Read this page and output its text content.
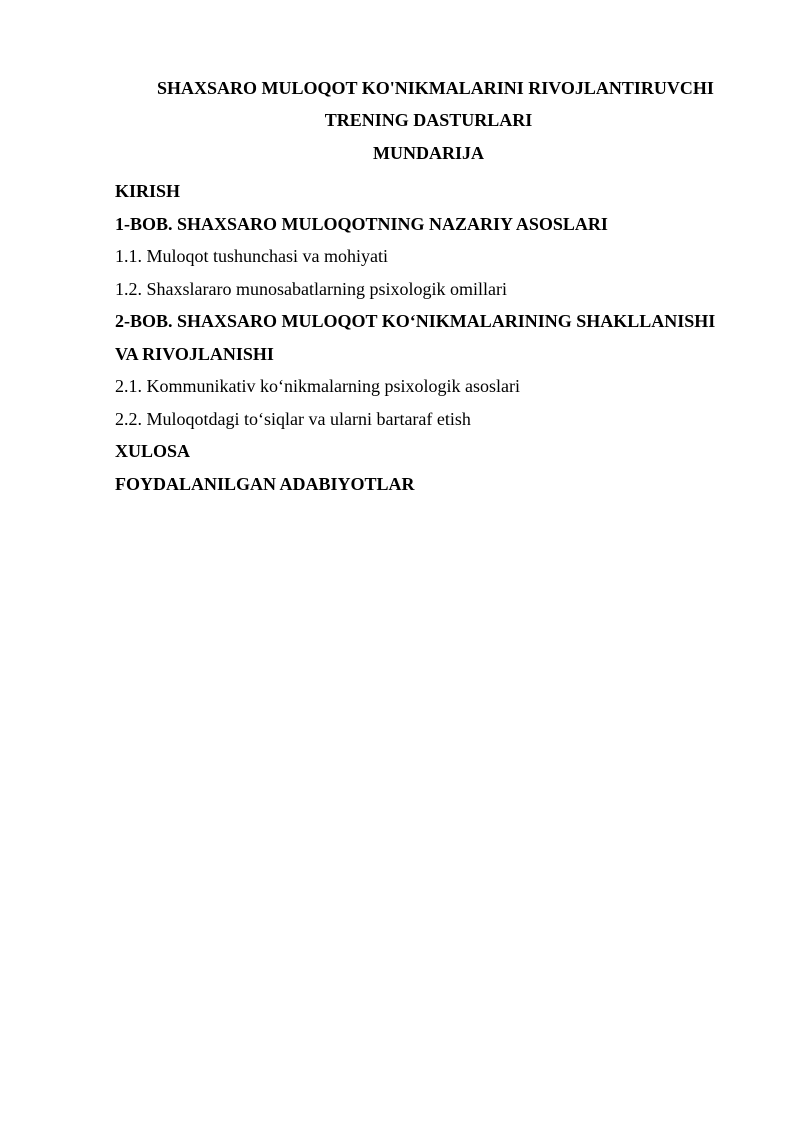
SHAXSARO MULOQOT KO'NIKMALARINI RIVOJLANTIRUVCHI
TRENING DASTURLARI
MUNDARIJA
KIRISH
1-BOB. SHAXSARO MULOQOTNING NAZARIY ASOSLARI
1.1. Muloqot tushunchasi va mohiyati
1.2. Shaxslararo munosabatlarning psixologik omillari
2-BOB. SHAXSARO MULOQOT KOʻNIKMALARINING SHAKLLANISHI
VA RIVOJLANISHI
2.1. Kommunikativ koʻnikmalarning psixologik asoslari
2.2. Muloqotdagi toʻsiqlar va ularni bartaraf etish
XULOSA
FOYDALANILGAN ADABIYOTLAR
